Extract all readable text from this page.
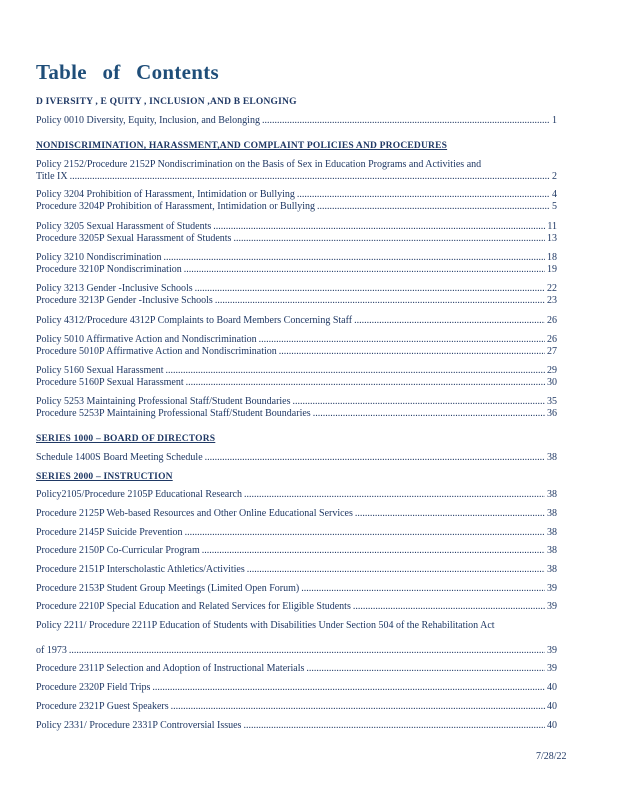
Table of Contents
D IVERSITY , E QUITY , INCLUSION ,AND B ELONGING
Policy 0010 Diversity, Equity, Inclusion, and Belonging .....	1
NONDISCRIMINATION, HARASSMENT,AND COMPLAINT POLICIES AND PROCEDURES
Policy 2152/Procedure 2152P Nondiscrimination on the Basis of Sex in Education Programs and Activities and
Title IX .....	2
Policy 3204 Prohibition of Harassment, Intimidation or Bullying .....	4
Procedure 3204P Prohibition of Harassment, Intimidation or Bullying .....	5
Policy 3205 Sexual Harassment of Students .....	11
Procedure 3205P Sexual Harassment of Students .....	13
Policy 3210 Nondiscrimination .....	18
Procedure 3210P Nondiscrimination .....	19
Policy 3213 Gender -Inclusive Schools .....	22
Procedure 3213P Gender -Inclusive Schools .....	23
Policy 4312/Procedure 4312P Complaints to Board Members Concerning Staff .....	26
Policy 5010 Affirmative Action and Nondiscrimination .....	26
Procedure 5010P Affirmative Action and Nondiscrimination .....	27
Policy 5160 Sexual Harassment .....	29
Procedure 5160P Sexual Harassment .....	30
Policy 5253 Maintaining Professional Staff/Student Boundaries .....	35
Procedure 5253P Maintaining Professional Staff/Student Boundaries .....	36
SERIES 1000 – BOARD OF DIRECTORS
Schedule 1400S Board Meeting Schedule .....	38
SERIES 2000 – INSTRUCTION
Policy2105/Procedure 2105P Educational Research .....	38
Procedure 2125P Web-based Resources and Other Online Educational Services .....	38
Procedure 2145P Suicide Prevention .....	38
Procedure 2150P Co-Curricular Program .....	38
Procedure 2151P Interscholastic Athletics/Activities .....	38
Procedure 2153P Student Group Meetings (Limited Open Forum) .....	39
Procedure 2210P Special Education and Related Services for Eligible Students .....	39
Policy 2211/ Procedure 2211P Education of Students with Disabilities Under Section 504 of the Rehabilitation Act
of 1973 .....	39
Procedure 2311P Selection and Adoption of Instructional Materials .....	39
Procedure 2320P Field Trips .....	40
Procedure 2321P Guest Speakers .....	40
Policy 2331/ Procedure 2331P Controversial Issues .....	40
7/28/22
